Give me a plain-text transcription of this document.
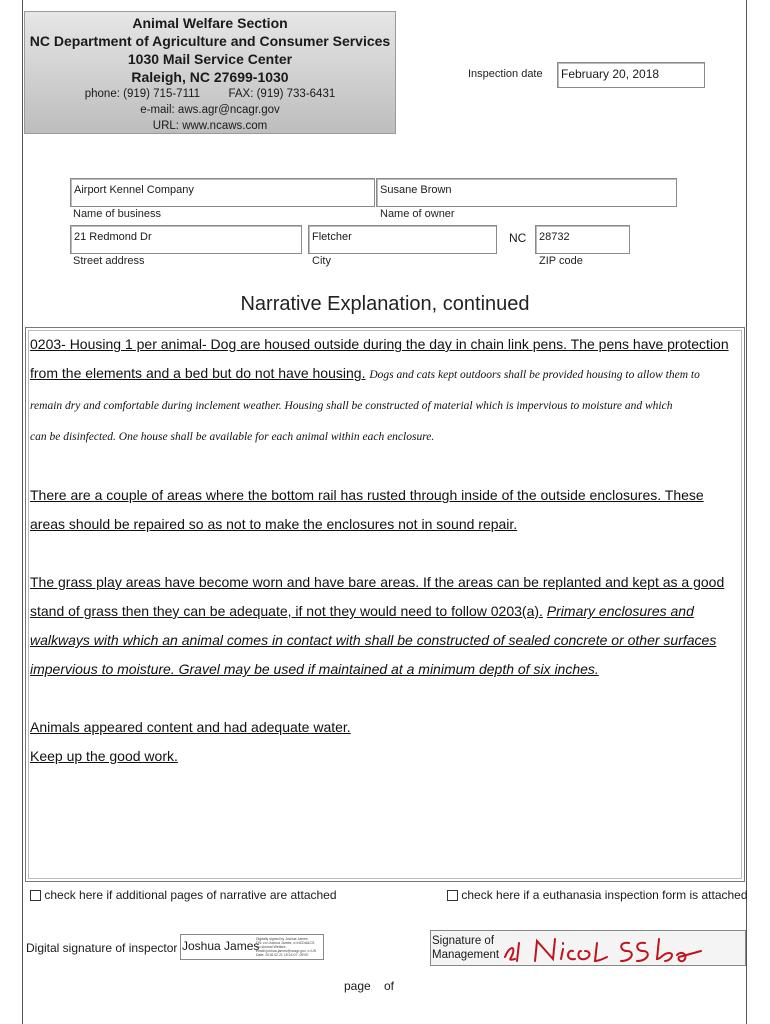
Animal Welfare Section
NC Department of Agriculture and Consumer Services
1030 Mail Service Center
Raleigh, NC 27699-1030
phone: (919) 715-7111 FAX: (919) 733-6431
e-mail: aws.agr@ncagr.gov
URL: www.ncaws.com
Inspection date	February 20, 2018
Airport Kennel Company
Name of business
Susane Brown
Name of owner
21 Redmond Dr
Street address
Fletcher
City
NC	28732
ZIP code
Narrative Explanation, continued

0203- Housing 1 per animal- Dog are housed outside during the day in chain link pens. The pens have protection

from the elements and a bed but do not have housing. Dogs and cats kept outdoors shall be provided housing to allow them to

remain dry and comfortable during inclement weather. Housing shall be constructed of material which is impervious to moisture and which

can be disinfected. One house shall be available for each animal within each enclosure.

There are a couple of areas where the bottom rail has rusted through inside of the outside enclosures. These

areas should be repaired so as not to make the enclosures not in sound repair.

The grass play areas have become worn and have bare areas. If the areas can be replanted and kept as a good

stand of grass then they can be adequate, if not they would need to follow 0203(a). Primary enclosures and

walkways with which an animal comes in contact with shall be constructed of sealed concrete or other surfaces

impervious to moisture. Gravel may be used if maintained at a minimum depth of six inches.

Animals appeared content and had adequate water.

Keep up the good work.

check here if additional pages of narrative are attached	check here if a euthanasia inspection form is attached
Digital signature of inspector Joshua James
Digitally signed by Joshua James
DN: cn=Joshua James, o=NCDA&CS,
ou=Animal Welfare,
email=joshua.james@ncagr.gov, c=US
Date: 2018.02.21 15:14:07 -05'00'
Signature of
Management
page of
